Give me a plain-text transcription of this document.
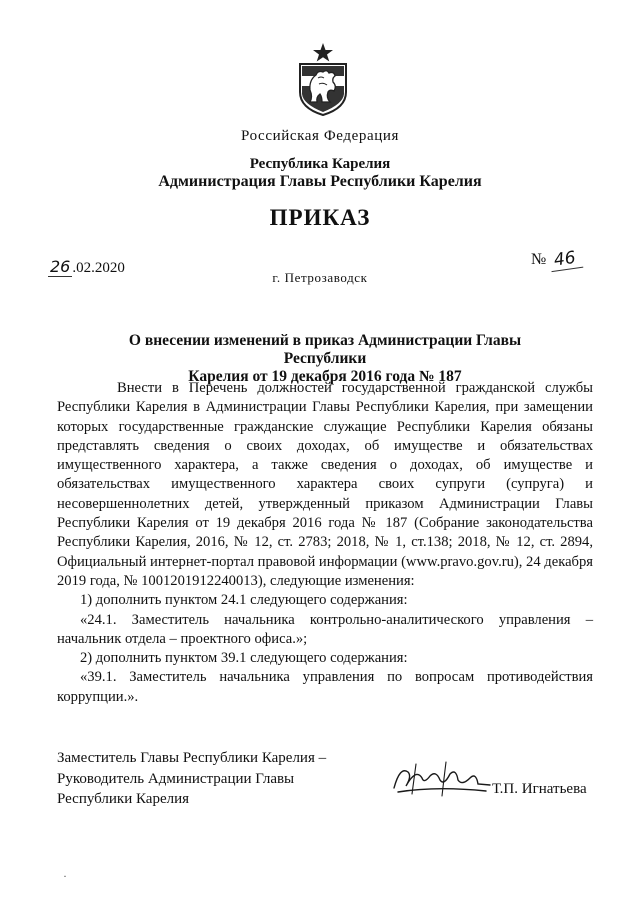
Российская Федерация
Республика Карелия
Администрация Главы Республики Карелия
ПРИКАЗ
26 .02.2020	№ 46
г. Петрозаводск
О внесении изменений в приказ Администрации Главы Республики
Карелия от 19 декабря 2016 года № 187

Внести в Перечень должностей государственной гражданской службы Республики Карелия в Администрации Главы Республики Карелия, при замещении которых государственные гражданские служащие Республики Карелия обязаны представлять сведения о своих доходах, об имуществе и обязательствах имущественного характера, а также сведения о доходах, об имуществе и обязательствах имущественного характера своих супруги (супруга) и несовершеннолетних детей, утвержденный приказом Администрации Главы Республики Карелия от 19 декабря 2016 года № 187 (Собрание законодательства Республики Карелия, 2016, № 12, ст. 2783; 2018, № 1, ст.138; 2018, № 12, ст. 2894, Официальный интернет-портал правовой информации (www.pravo.gov.ru), 24 декабря 2019 года, № 1001201912240013), следующие изменения:

1) дополнить пунктом 24.1 следующего содержания:

«24.1. Заместитель начальника контрольно-аналитического управления – начальник отдела – проектного офиса.»;

2) дополнить пунктом 39.1 следующего содержания:

«39.1. Заместитель начальника управления по вопросам противодействия коррупции.».

Заместитель Главы Республики Карелия –
Руководитель Администрации Главы
Республики Карелия
Т.П. Игнатьева
·
